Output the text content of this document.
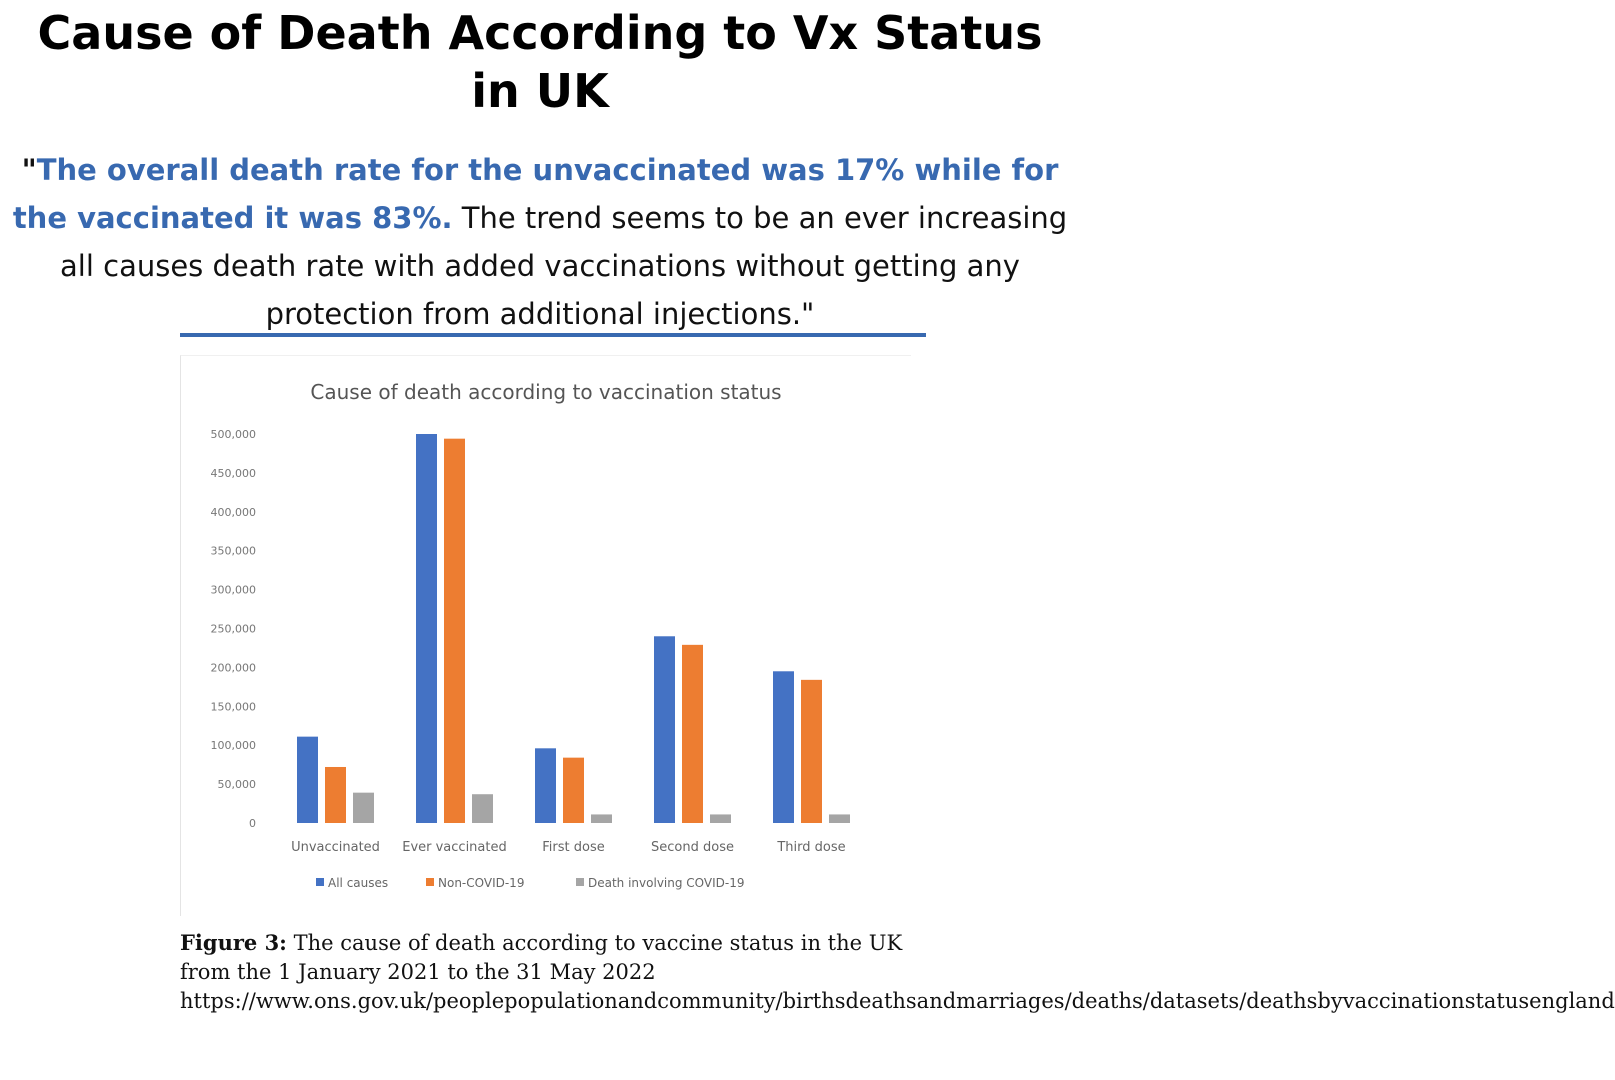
Cause of Death According to Vx Status
in UK

"The overall death rate for the unvaccinated was 17% while for the vaccinated it was 83%. The trend seems to be an ever increasing all causes death rate with added vaccinations without getting any protection from additional injections."

Cause of death according to vaccination status
0
50,000
100,000
150,000
200,000
250,000
300,000
350,000
400,000
450,000
500,000
Unvaccinated Ever vaccinated	First dose	Second dose	Third dose
All causes	Non-COVID-19	Death involving COVID-19

Figure 3: The cause of death according to vaccine status in the UK from the 1 January 2021 to the 31 May 2022 https://www.ons.gov.uk/peoplepopulationandcommunity/birthsdeathsandmarriages/deaths/datasets/deathsbyvaccinationstatusengland
